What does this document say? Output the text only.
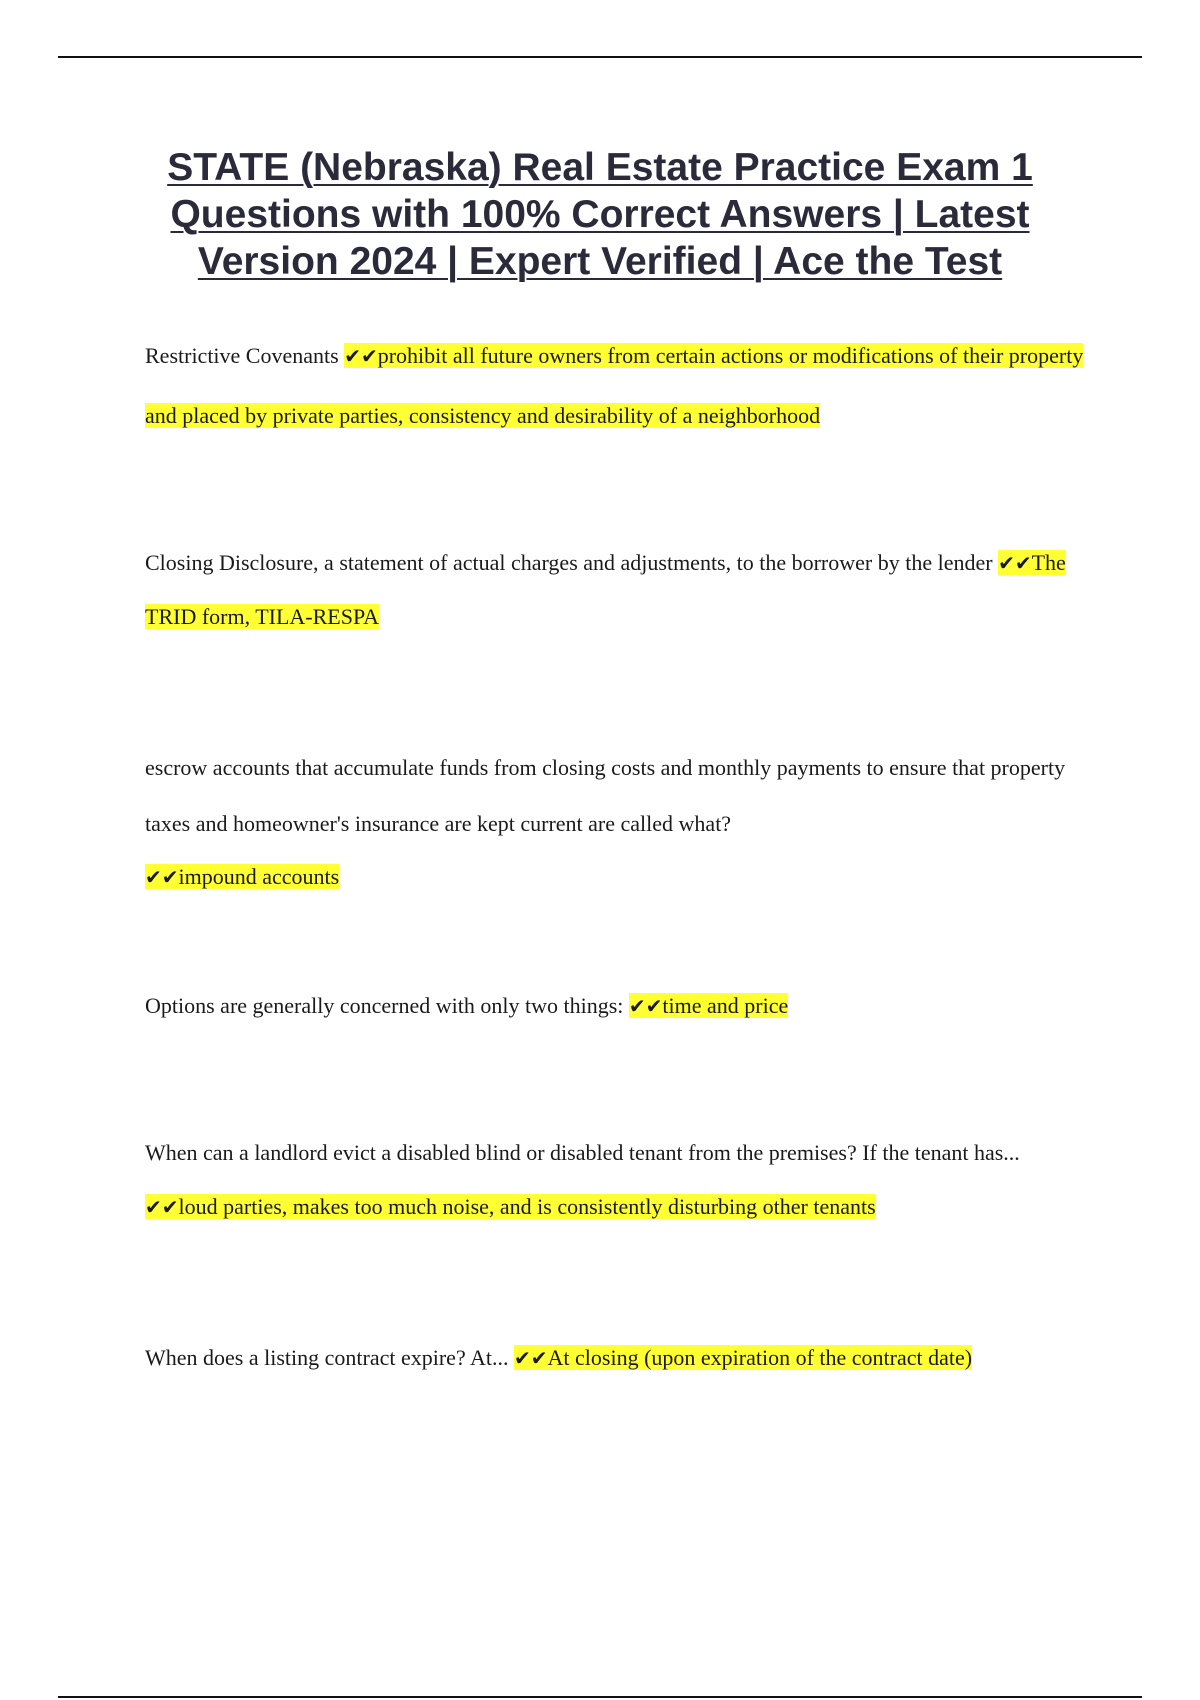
STATE (Nebraska) Real Estate Practice Exam 1 Questions with 100% Correct Answers | Latest Version 2024 | Expert Verified | Ace the Test

Restrictive Covenants ✔✔prohibit all future owners from certain actions or modifications of their property and placed by private parties, consistency and desirability of a neighborhood

Closing Disclosure, a statement of actual charges and adjustments, to the borrower by the lender ✔✔The TRID form, TILA-RESPA

escrow accounts that accumulate funds from closing costs and monthly payments to ensure that property taxes and homeowner's insurance are kept current are called what?
✔✔impound accounts

Options are generally concerned with only two things: ✔✔time and price

When can a landlord evict a disabled blind or disabled tenant from the premises? If the tenant has... ✔✔loud parties, makes too much noise, and is consistently disturbing other tenants

When does a listing contract expire? At... ✔✔At closing (upon expiration of the contract date)
